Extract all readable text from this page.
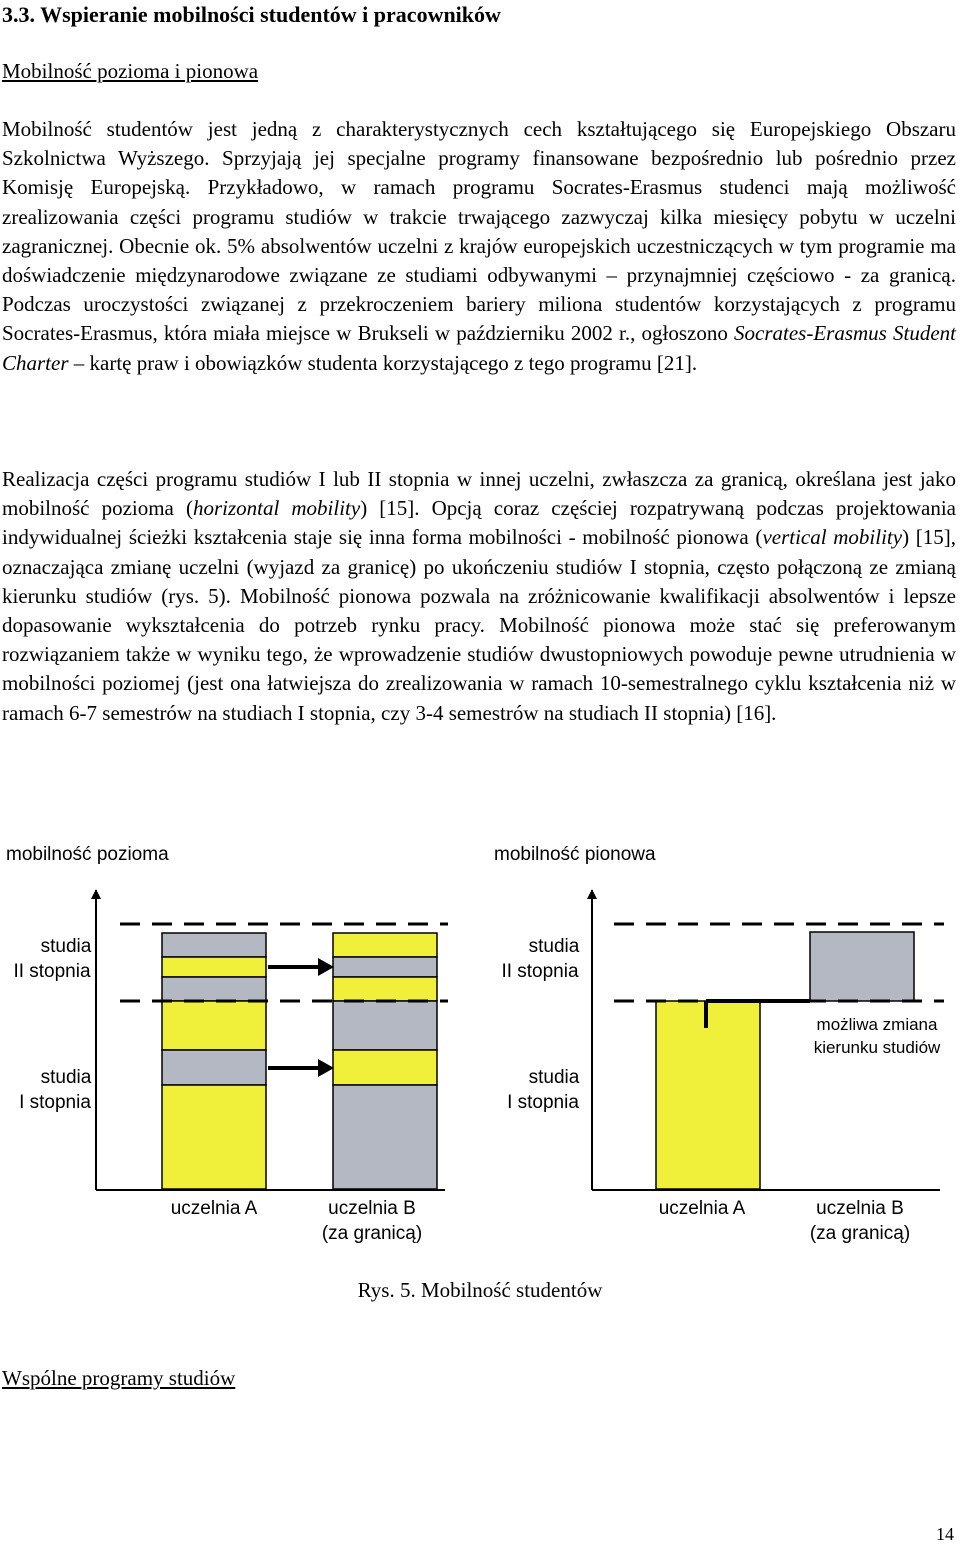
3.3. Wspieranie mobilności studentów i pracowników

Mobilność pozioma i pionowa

Mobilność studentów jest jedną z charakterystycznych cech kształtującego się Europejskiego Obszaru Szkolnictwa Wyższego. Sprzyjają jej specjalne programy finansowane bezpośrednio lub pośrednio przez Komisję Europejską. Przykładowo, w ramach programu Socrates-Erasmus studenci mają możliwość zrealizowania części programu studiów w trakcie trwającego zazwyczaj kilka miesięcy pobytu w uczelni zagranicznej. Obecnie ok. 5% absolwentów uczelni z krajów europejskich uczestniczących w tym programie ma doświadczenie międzynarodowe związane ze studiami odbywanymi – przynajmniej częściowo - za granicą. Podczas uroczystości związanej z przekroczeniem bariery miliona studentów korzystających z programu Socrates-Erasmus, która miała miejsce w Brukseli w październiku 2002 r., ogłoszono Socrates-Erasmus Student Charter – kartę praw i obowiązków studenta korzystającego z tego programu [21].

Realizacja części programu studiów I lub II stopnia w innej uczelni, zwłaszcza za granicą, określana jest jako mobilność pozioma (horizontal mobility) [15]. Opcją coraz częściej rozpatrywaną podczas projektowania indywidualnej ścieżki kształcenia staje się inna forma mobilności - mobilność pionowa (vertical mobility) [15], oznaczająca zmianę uczelni (wyjazd za granicę) po ukończeniu studiów I stopnia, często połączoną ze zmianą kierunku studiów (rys. 5). Mobilność pionowa pozwala na zróżnicowanie kwalifikacji absolwentów i lepsze dopasowanie wykształcenia do potrzeb rynku pracy. Mobilność pionowa może stać się preferowanym rozwiązaniem także w wyniku tego, że wprowadzenie studiów dwustopniowych powoduje pewne utrudnienia w mobilności poziomej (jest ona łatwiejsza do zrealizowania w ramach 10-semestralnego cyklu kształcenia niż w ramach 6-7 semestrów na studiach I stopnia, czy 3-4 semestrów na studiach II stopnia) [16].

mobilność pozioma
studia
II stopnia
studia
I stopnia
uczelnia A	uczelnia B
(za granicą)
mobilność pionowa
studia
II stopnia
studia
I stopnia
możliwa zmiana
kierunku studiów
uczelnia A	uczelnia B
(za granicą)

Rys. 5. Mobilność studentów

Wspólne programy studiów

14
